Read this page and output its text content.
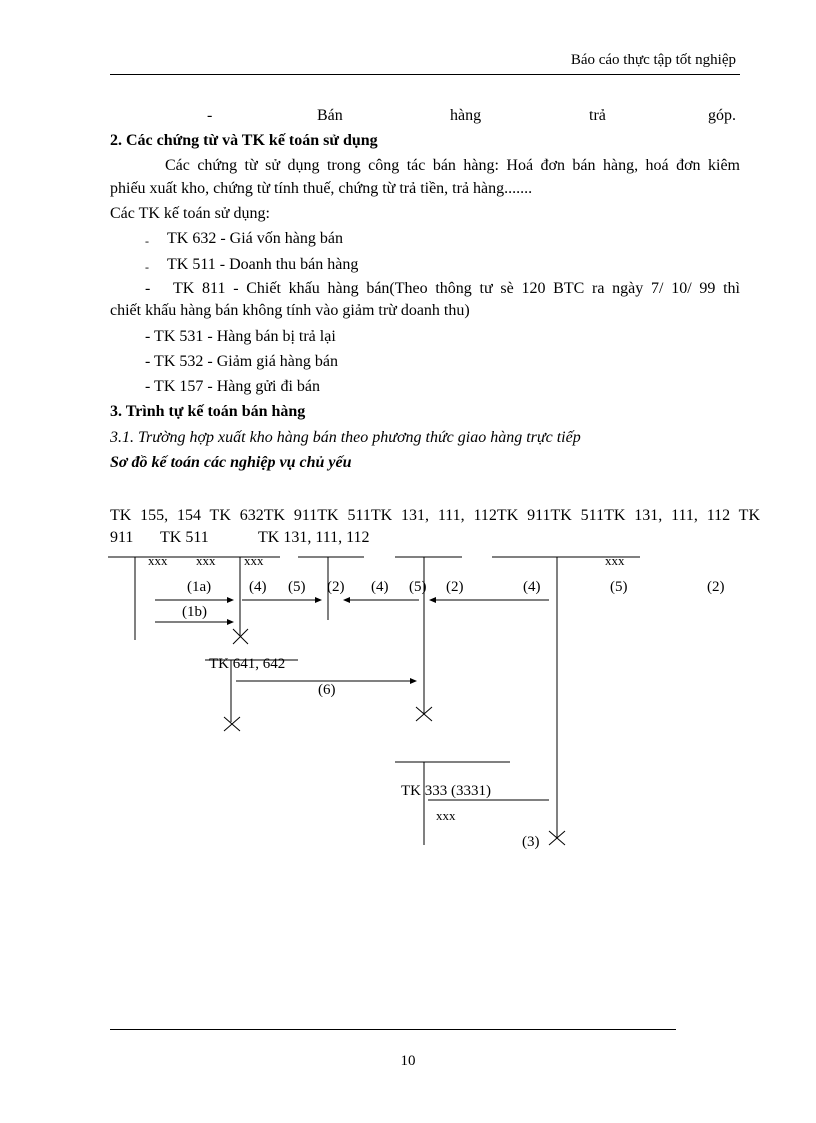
Báo cáo thực tập tốt nghiệp
-	Bán	hàng	trả	góp.
2. Các chứng từ và TK kế toán sử dụng
Các chứng từ sử dụng trong công tác bán hàng: Hoá đơn bán hàng, hoá đơn kiêm
phiếu xuất kho, chứng từ tính thuế, chứng từ trả tiền, trả hàng.......
Các TK kế toán sử dụng:
- TK 632 - Giá vốn hàng bán
- TK 511 - Doanh thu bán hàng
- TK 811 - Chiết khấu hàng bán(Theo thông tư sè 120 BTC ra ngày 7/ 10/ 99 thì
chiết khấu hàng bán không tính vào giảm trừ doanh thu)
- TK 531 - Hàng bán bị trả lại
- TK 532 - Giảm giá hàng bán
- TK 157 - Hàng gửi đi bán
3. Trình tự kế toán bán hàng
3.1. Trường hợp xuất kho hàng bán theo phương thức giao hàng trực tiếp
Sơ đồ kế toán các nghiệp vụ chủ yếu
TK 155, 154 TK 632TK 911TK 511TK 131, 111, 112TK 911TK 511TK 131, 111, 112 TK
911 TK 511	TK 131, 111, 112
xxx xxx xxx	xxx
xxx
(1a)
(1b)
(4) (5) (2) (4) (5) (2)	(4)	(5)	(2)
(6)
(3)
TK 641, 642
TK 333 (3331)
10
